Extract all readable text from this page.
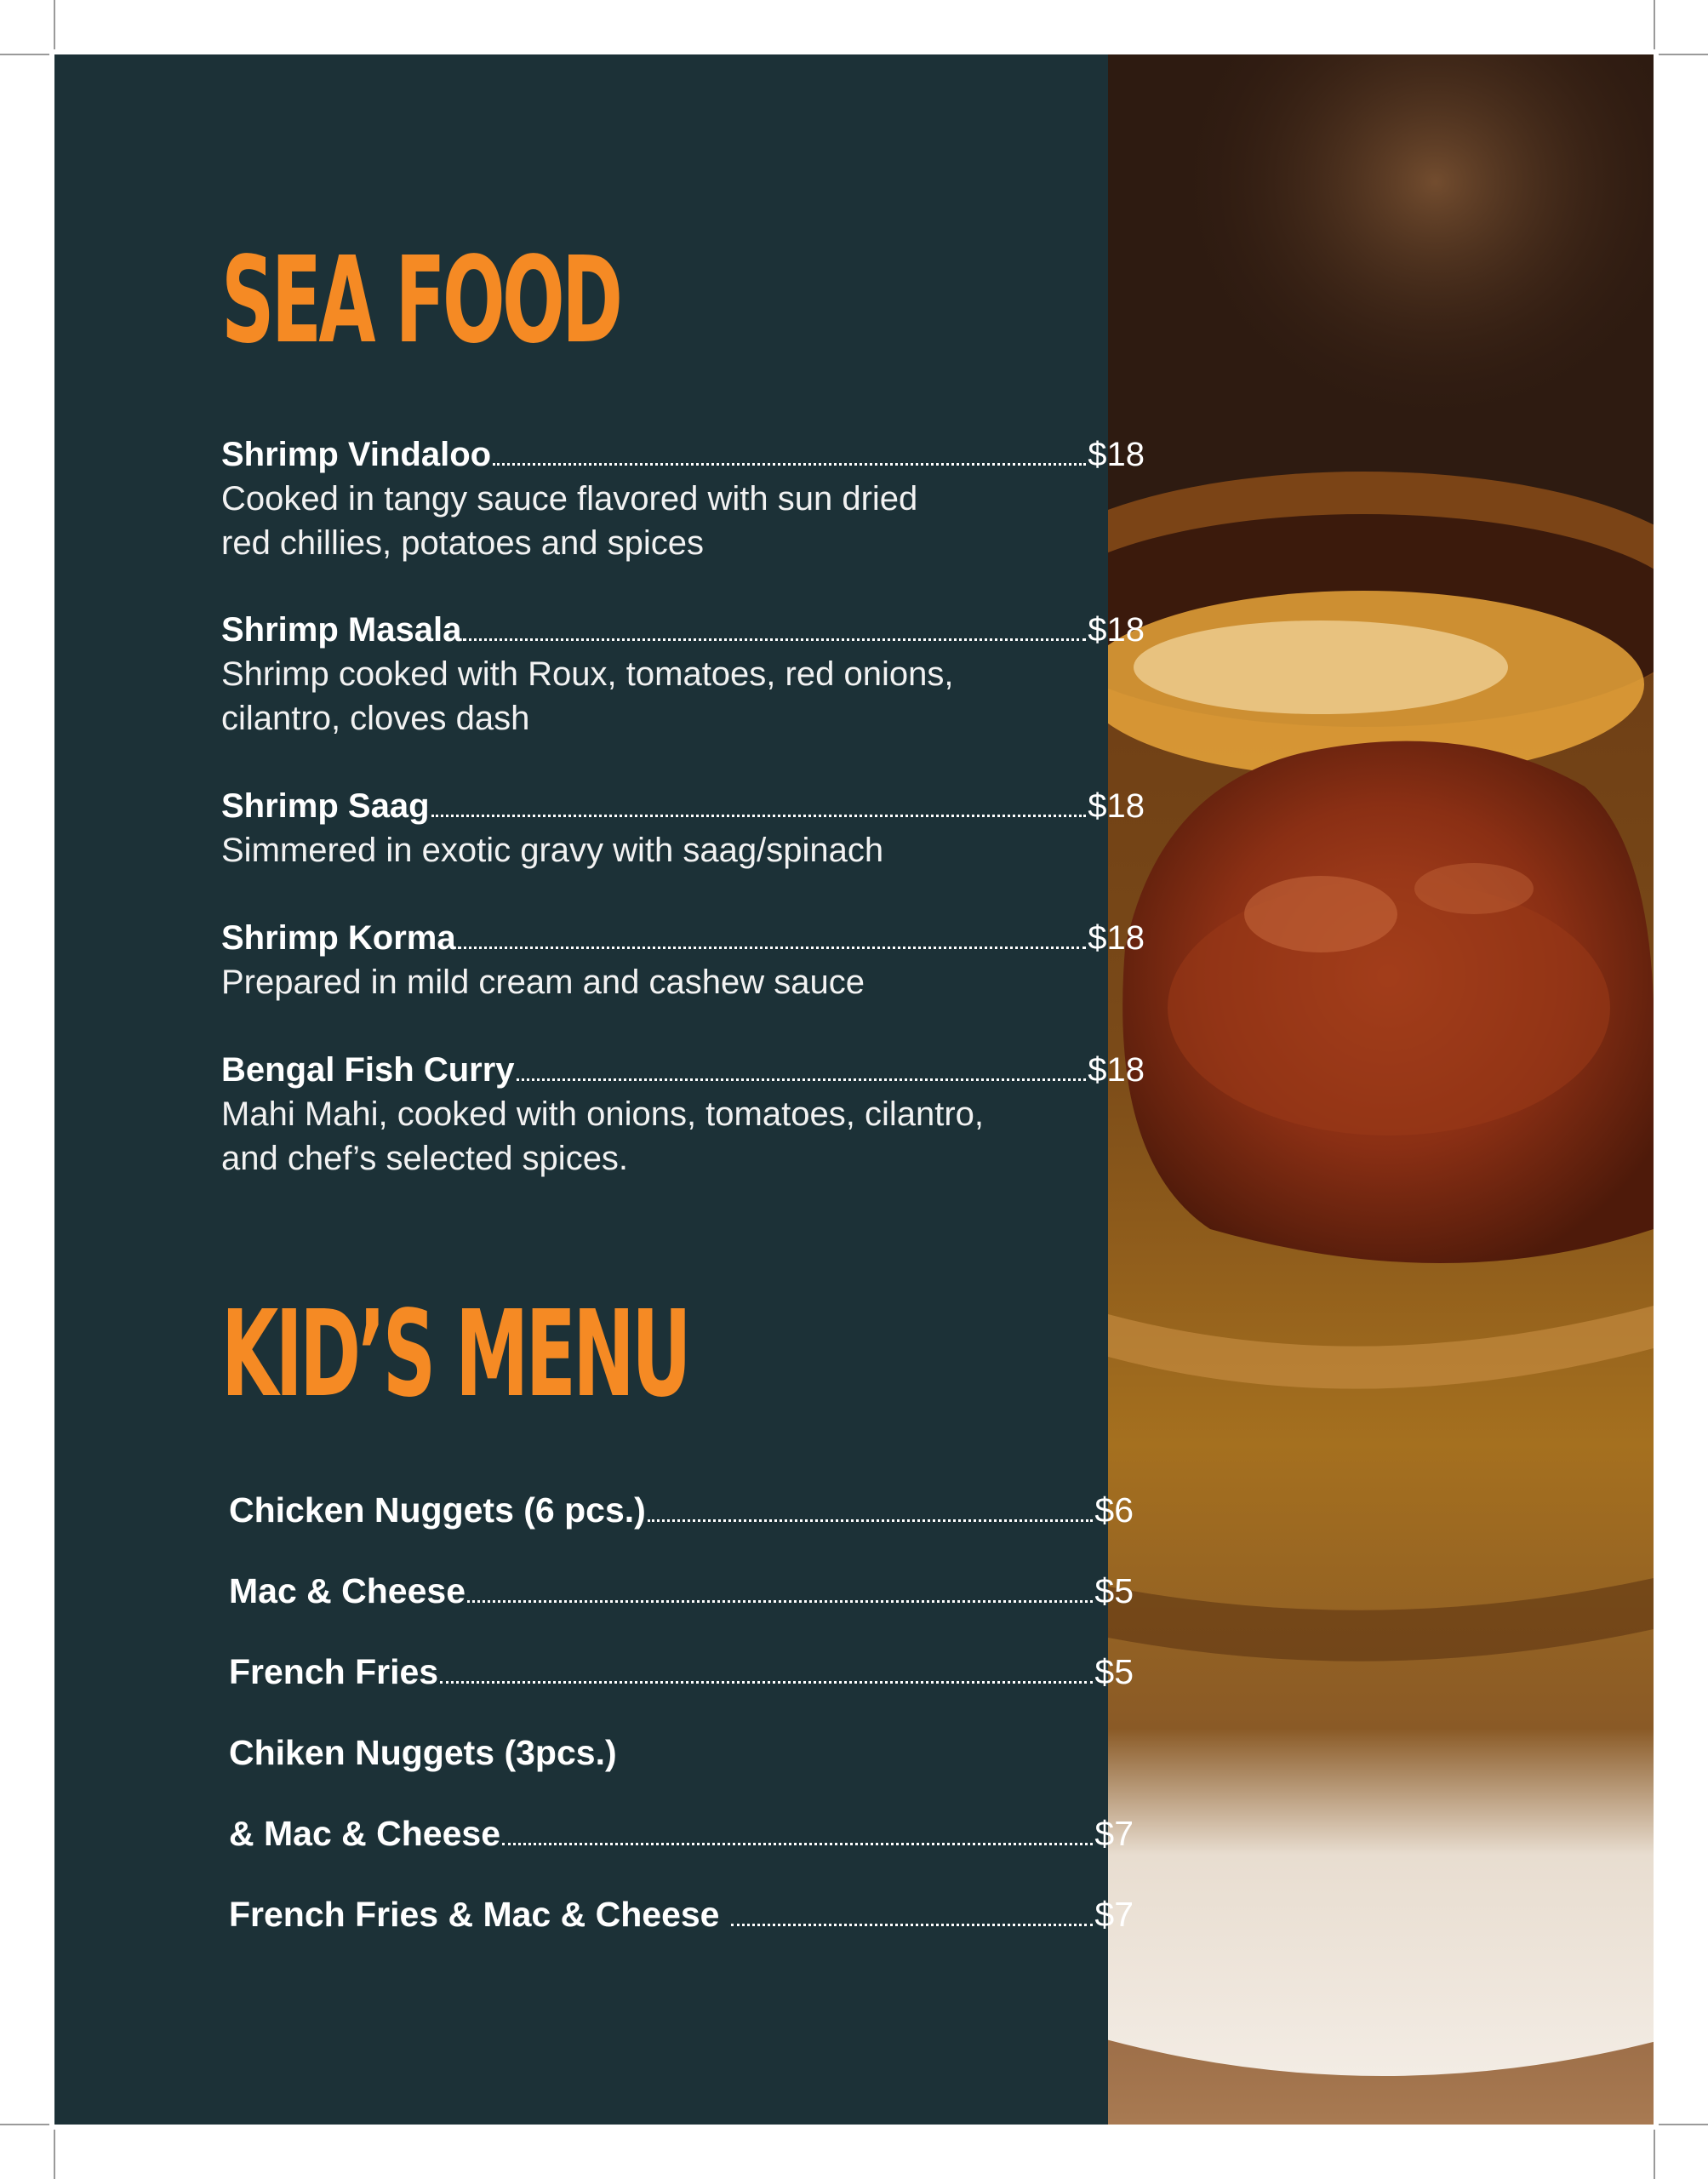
SEA FOOD
Shrimp Vindaloo	$18
Cooked in tangy sauce flavored with sun dried
red chillies, potatoes and spices
Shrimp Masala	$18
Shrimp cooked with Roux, tomatoes, red onions,
cilantro, cloves dash
Shrimp Saag	$18
Simmered in exotic gravy with saag/spinach
Shrimp Korma	$18
Prepared in mild cream and cashew sauce
Bengal Fish Curry	$18
Mahi Mahi, cooked with onions, tomatoes, cilantro,
and chef’s selected spices.
KID’S MENU
Chicken Nuggets (6 pcs.)	$6
Mac & Cheese	$5
French Fries	$5
Chiken Nuggets (3pcs.)
& Mac & Cheese	$7
French Fries & Mac & Cheese	$7
